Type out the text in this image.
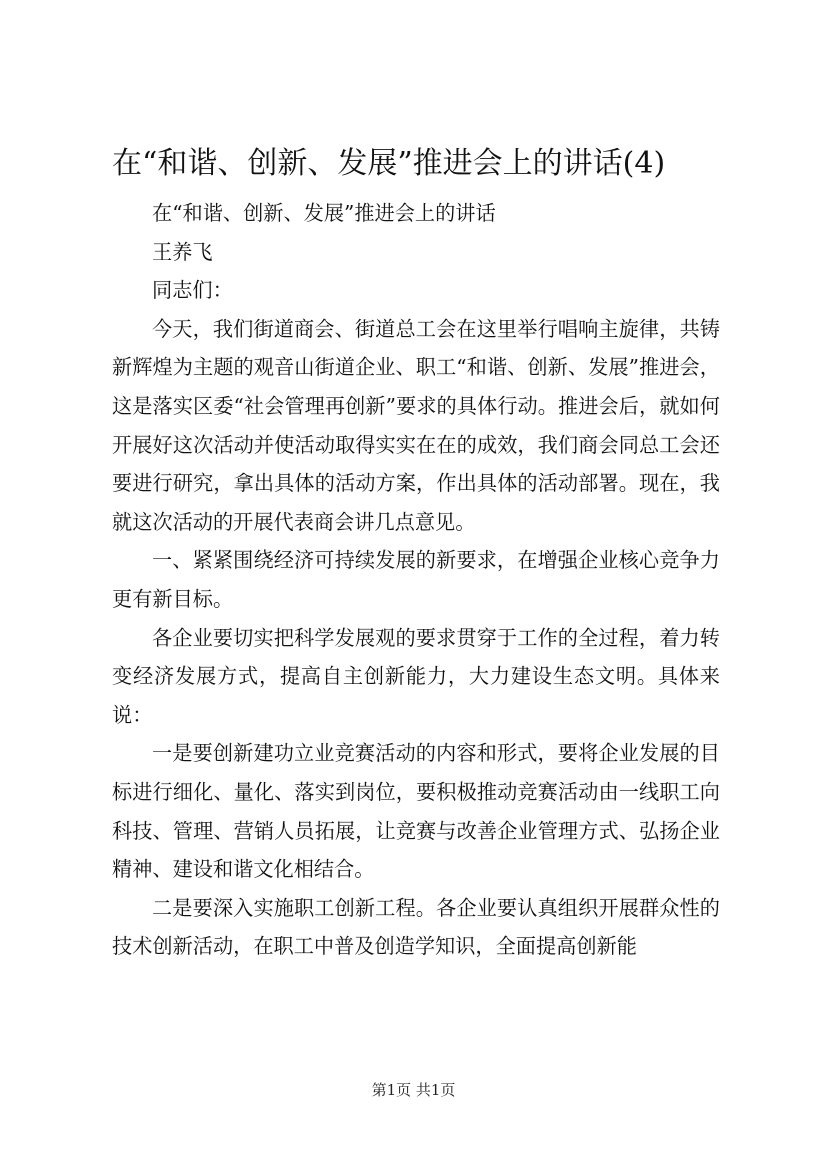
在“和谐、创新、发展”推进会上的讲话(4)

在“和谐、创新、发展”推进会上的讲话

王养飞

同志们：

今天，我们街道商会、街道总工会在这里举行唱响主旋律，共铸新辉煌为主题的观音山街道企业、职工“和谐、创新、发展”推进会，这是落实区委“社会管理再创新”要求的具体行动。推进会后，就如何开展好这次活动并使活动取得实实在在的成效，我们商会同总工会还要进行研究，拿出具体的活动方案，作出具体的活动部署。现在，我就这次活动的开展代表商会讲几点意见。

一、紧紧围绕经济可持续发展的新要求，在增强企业核心竞争力更有新目标。

各企业要切实把科学发展观的要求贯穿于工作的全过程，着力转变经济发展方式，提高自主创新能力，大力建设生态文明。具体来说：

一是要创新建功立业竞赛活动的内容和形式，要将企业发展的目标进行细化、量化、落实到岗位，要积极推动竞赛活动由一线职工向科技、管理、营销人员拓展，让竞赛与改善企业管理方式、弘扬企业精神、建设和谐文化相结合。

二是要深入实施职工创新工程。各企业要认真组织开展群众性的技术创新活动，在职工中普及创造学知识，全面提高创新能

第1页 共1页
